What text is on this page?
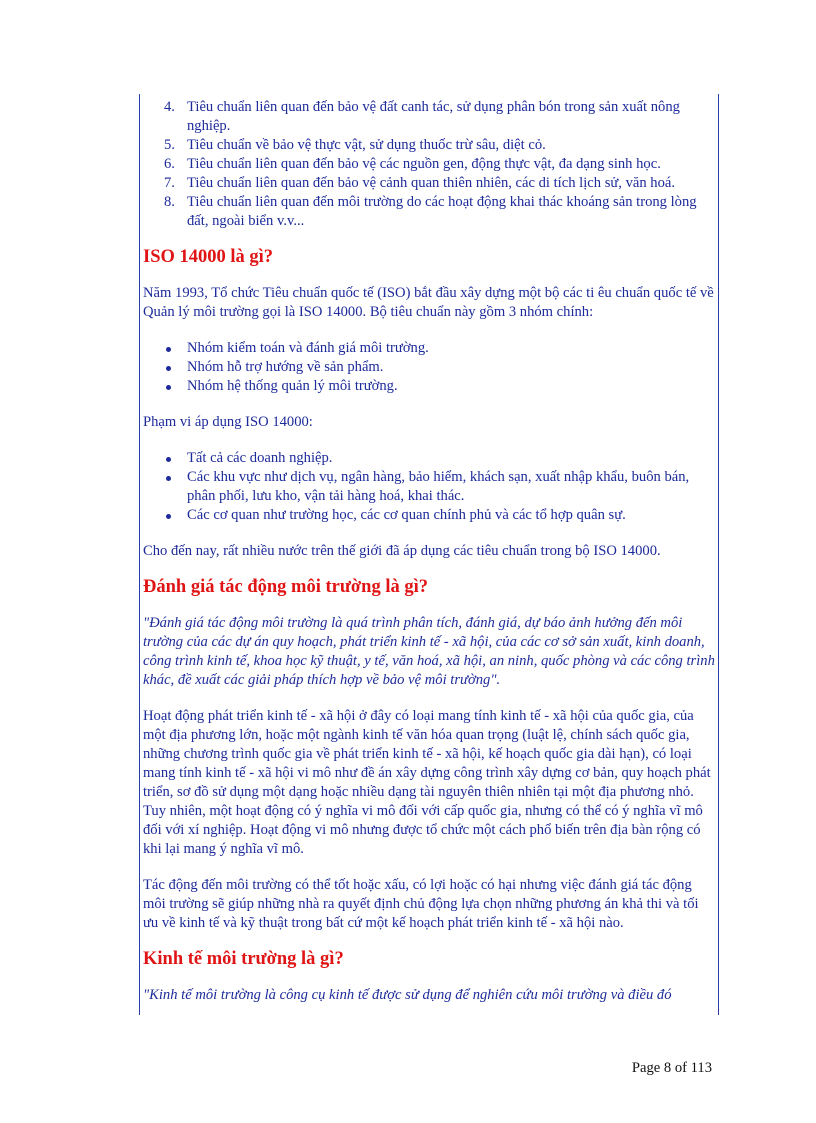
4. Tiêu chuẩn liên quan đến bảo vệ đất canh tác, sử dụng phân bón trong sản xuất nông nghiệp.
5. Tiêu chuẩn về bảo vệ thực vật, sử dụng thuốc trừ sâu, diệt cỏ.
6. Tiêu chuẩn liên quan đến bảo vệ các nguồn gen, động thực vật, đa dạng sinh học.
7. Tiêu chuẩn liên quan đến bảo vệ cảnh quan thiên nhiên, các di tích lịch sử, văn hoá.
8. Tiêu chuẩn liên quan đến môi trường do các hoạt động khai thác khoáng sản trong lòng đất, ngoài biển v.v...
ISO 14000 là gì?

Năm 1993, Tổ chức Tiêu chuẩn quốc tế (ISO) bắt đầu xây dựng một bộ các ti êu chuẩn quốc tế về Quản lý môi trường gọi là ISO 14000. Bộ tiêu chuẩn này gồm 3 nhóm chính:

Nhóm kiểm toán và đánh giá môi trường.
Nhóm hỗ trợ hướng về sản phẩm.
Nhóm hệ thống quản lý môi trường.

Phạm vi áp dụng ISO 14000:

Tất cả các doanh nghiệp.
Các khu vực như dịch vụ, ngân hàng, bảo hiểm, khách sạn, xuất nhập khẩu, buôn bán, phân phối, lưu kho, vận tải hàng hoá, khai thác.
Các cơ quan như trường học, các cơ quan chính phủ và các tổ hợp quân sự.

Cho đến nay, rất nhiều nước trên thế giới đã áp dụng các tiêu chuẩn trong bộ ISO 14000.

Đánh giá tác động môi trường là gì?

"Đánh giá tác động môi trường là quá trình phân tích, đánh giá, dự báo ảnh hưởng đến môi trường của các dự án quy hoạch, phát triển kinh tế - xã hội, của các cơ sở sản xuất, kinh doanh, công trình kinh tế, khoa học kỹ thuật, y tế, văn hoá, xã hội, an ninh, quốc phòng và các công trình khác, đề xuất các giải pháp thích hợp về bảo vệ môi trường".

Hoạt động phát triển kinh tế - xã hội ở đây có loại mang tính kinh tế - xã hội của quốc gia, của một địa phương lớn, hoặc một ngành kinh tế văn hóa quan trọng (luật lệ, chính sách quốc gia, những chương trình quốc gia về phát triển kinh tế - xã hội, kế hoạch quốc gia dài hạn), có loại mang tính kinh tế - xã hội vi mô như đề án xây dựng công trình xây dựng cơ bản, quy hoạch phát triển, sơ đồ sử dụng một dạng hoặc nhiều dạng tài nguyên thiên nhiên tại một địa phương nhỏ. Tuy nhiên, một hoạt động có ý nghĩa vi mô đối với cấp quốc gia, nhưng có thể có ý nghĩa vĩ mô đối với xí nghiệp. Hoạt động vi mô nhưng được tổ chức một cách phổ biến trên địa bàn rộng có khi lại mang ý nghĩa vĩ mô.

Tác động đến môi trường có thể tốt hoặc xấu, có lợi hoặc có hại nhưng việc đánh giá tác động môi trường sẽ giúp những nhà ra quyết định chủ động lựa chọn những phương án khả thi và tối ưu về kinh tế và kỹ thuật trong bất cứ một kế hoạch phát triển kinh tế - xã hội nào.

Kinh tế môi trường là gì?

"Kinh tế môi trường là công cụ kinh tế được sử dụng để nghiên cứu môi trường và điều đó

Page 8 of 113
